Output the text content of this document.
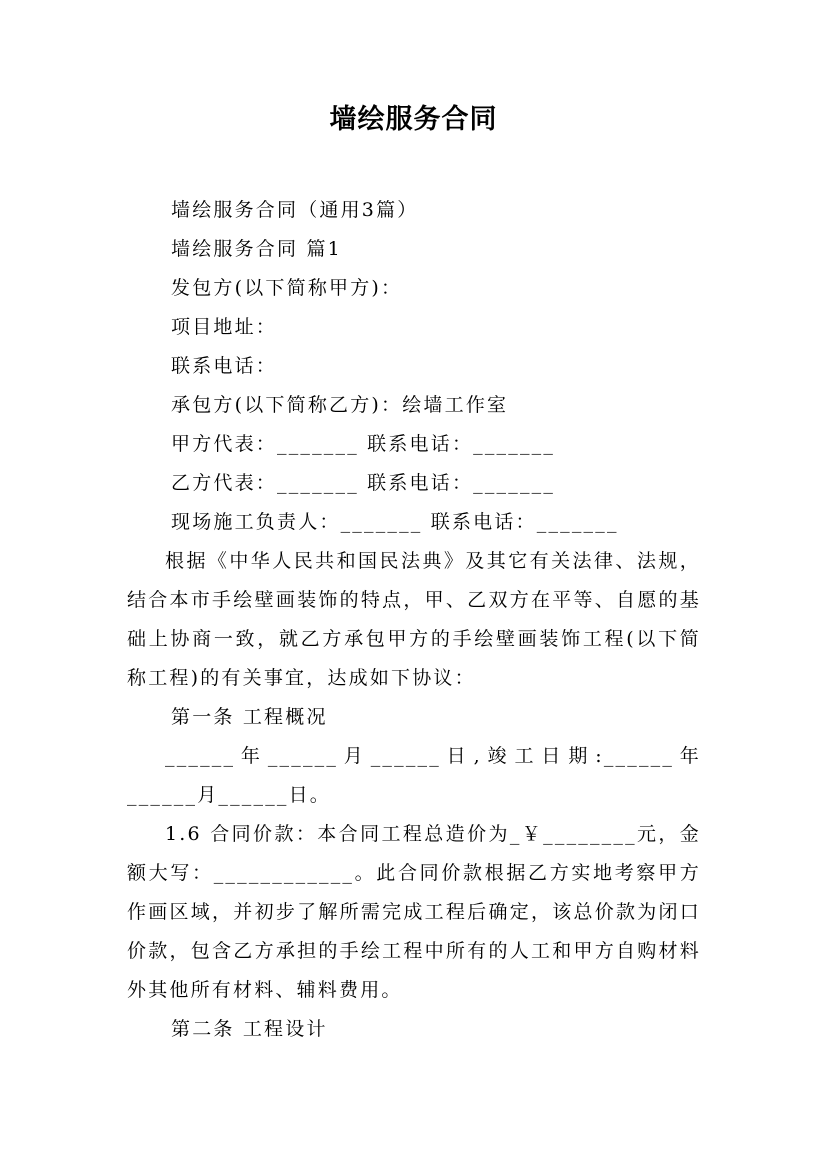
墙绘服务合同
墙绘服务合同（通用3篇）
墙绘服务合同 篇1
发包方(以下简称甲方)：
项目地址：
联系电话：
承包方(以下简称乙方)：绘墙工作室
甲方代表：_______ 联系电话：_______
乙方代表：_______ 联系电话：_______
现场施工负责人：_______ 联系电话：_______
根据《中华人民共和国民法典》及其它有关法律、法规，结合本市手绘壁画装饰的特点，甲、乙双方在平等、自愿的基础上协商一致，就乙方承包甲方的手绘壁画装饰工程(以下简称工程)的有关事宜，达成如下协议：
第一条 工程概况
______年______月______日,竣工日期:______年______月______日。
1.6 合同价款：本合同工程总造价为_￥________元，金额大写：____________。此合同价款根据乙方实地考察甲方作画区域，并初步了解所需完成工程后确定，该总价款为闭口价款，包含乙方承担的手绘工程中所有的人工和甲方自购材料外其他所有材料、辅料费用。
第二条 工程设计
